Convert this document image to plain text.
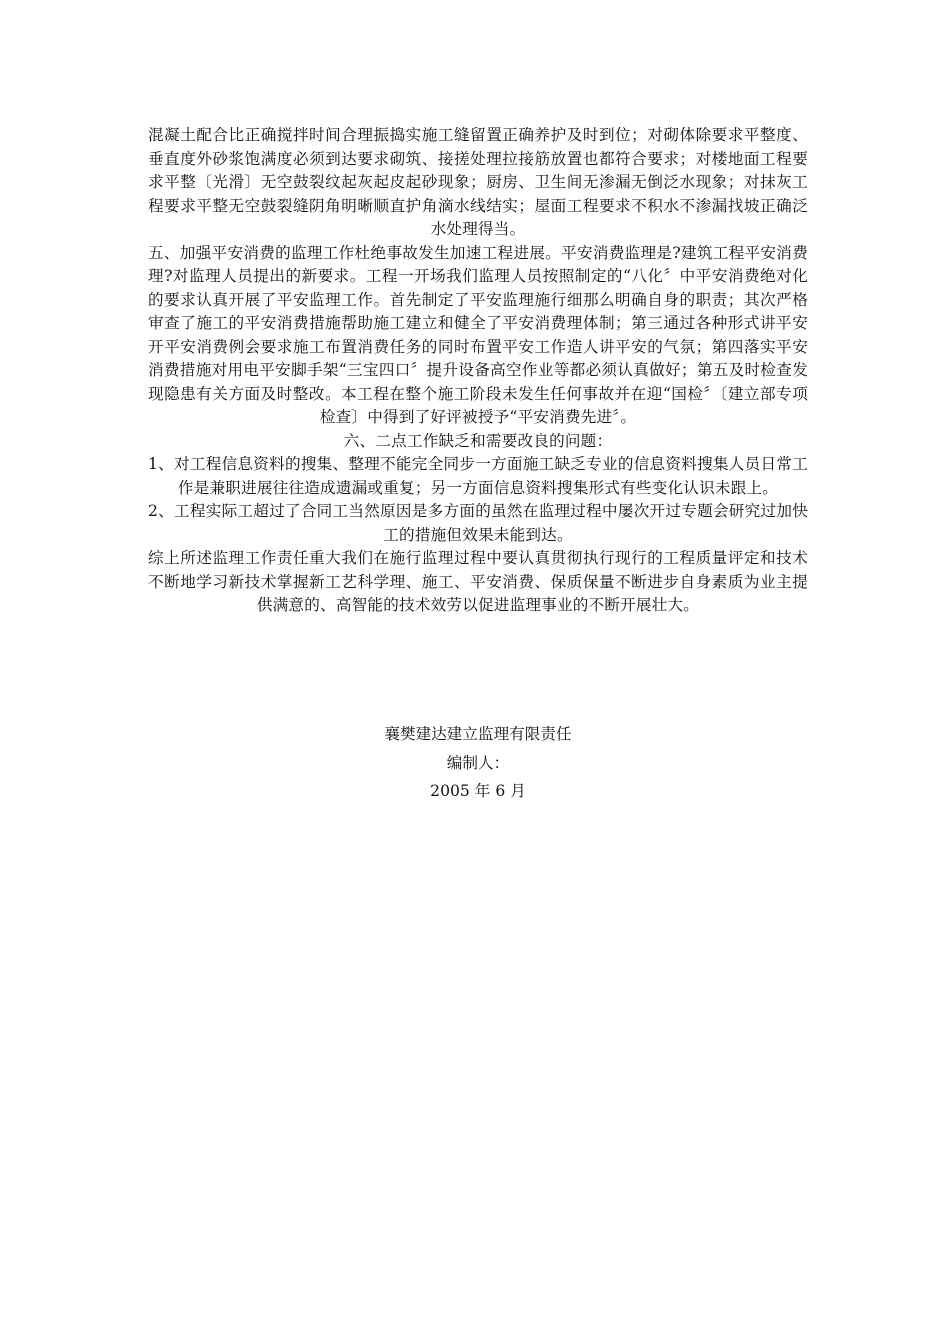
混凝土配合比正确搅拌时间合理振捣实施工缝留置正确养护及时到位；对砌体除要求平整度、垂直度外砂浆饱满度必须到达要求砌筑、接搓处理拉接筋放置也都符合要求；对楼地面工程要求平整〔光滑〕无空鼓裂纹起灰起皮起砂现象；厨房、卫生间无渗漏无倒泛水现象；对抹灰工程要求平整无空鼓裂缝阴角明晰顺直护角滴水线结实；屋面工程要求不积水不渗漏找坡正确泛水处理得当。

五、加强平安消费的监理工作杜绝事故发生加速工程进展。平安消费监理是?建筑工程平安消费理?对监理人员提出的新要求。工程一开场我们监理人员按照制定的“八化〞中平安消费绝对化的要求认真开展了平安监理工作。首先制定了平安监理施行细那么明确自身的职责；其次严格审查了施工的平安消费措施帮助施工建立和健全了平安消费理体制；第三通过各种形式讲平安开平安消费例会要求施工布置消费任务的同时布置平安工作造人讲平安的气氛；第四落实平安消费措施对用电平安脚手架“三宝四口〞提升设备高空作业等都必须认真做好；第五及时检查发现隐患有关方面及时整改。本工程在整个施工阶段未发生任何事故并在迎“国检〞〔建立部专项检查〕中得到了好评被授予“平安消费先进〞。

六、二点工作缺乏和需要改良的问题：

1、对工程信息资料的搜集、整理不能完全同步一方面施工缺乏专业的信息资料搜集人员日常工作是兼职进展往往造成遗漏或重复；另一方面信息资料搜集形式有些变化认识未跟上。

2、工程实际工超过了合同工当然原因是多方面的虽然在监理过程中屡次开过专题会研究过加快工的措施但效果未能到达。

综上所述监理工作责任重大我们在施行监理过程中要认真贯彻执行现行的工程质量评定和技术不断地学习新技术掌握新工艺科学理、施工、平安消费、保质保量不断进步自身素质为业主提供满意的、高智能的技术效劳以促进监理事业的不断开展壮大。

襄樊建达建立监理有限责任

编制人：

2005 年 6 月
